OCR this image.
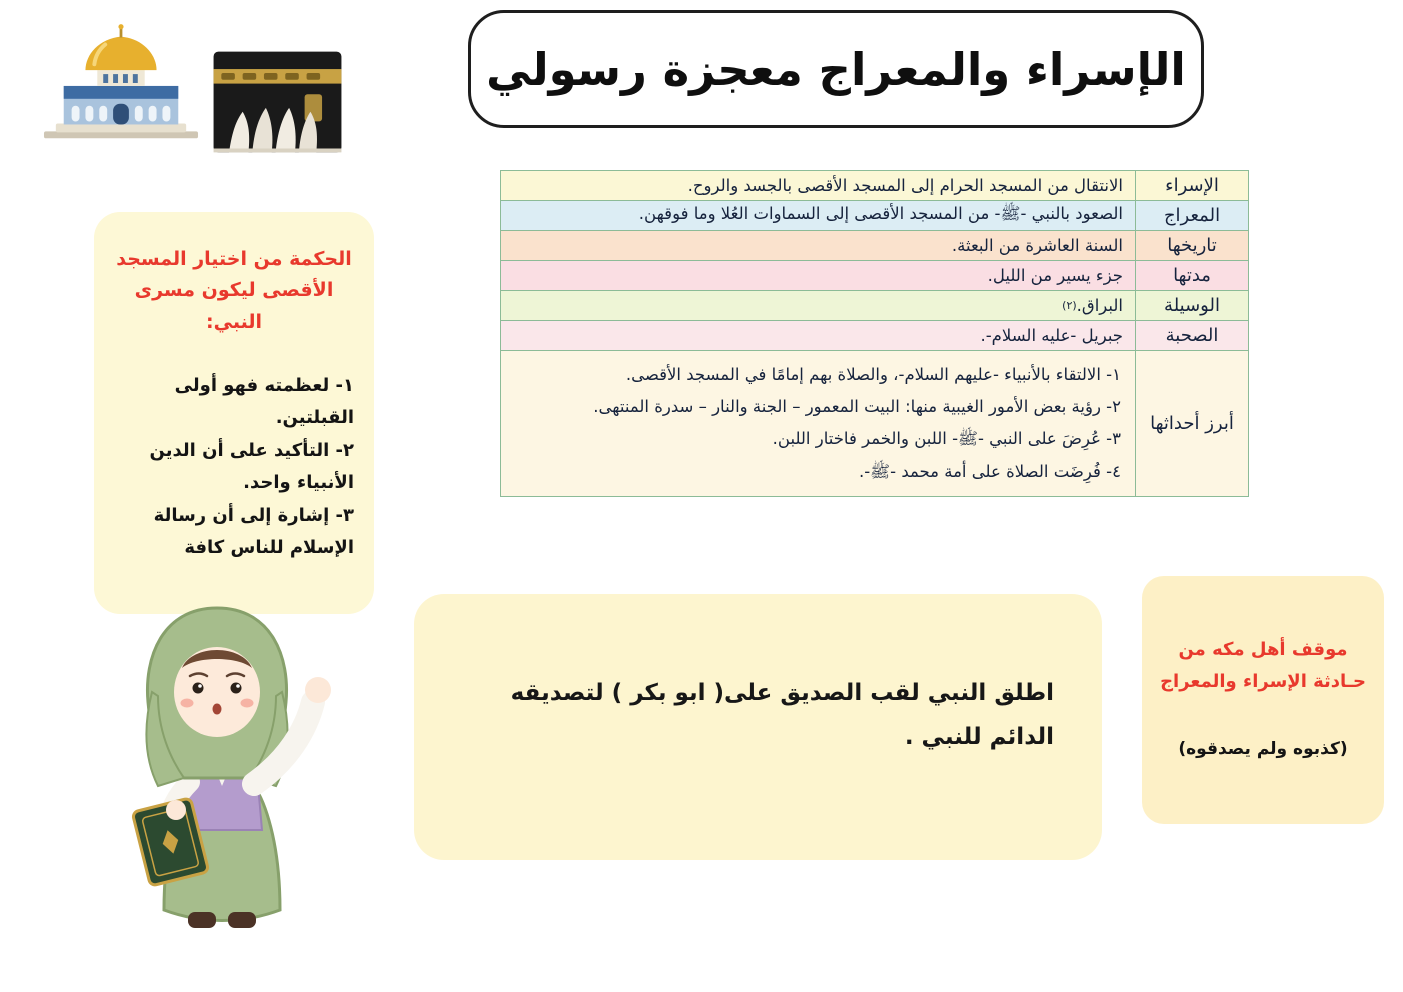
الإسراء والمعراج معجزة رسولي
الإسراء
الانتقال من المسجد الحرام إلى المسجد الأقصى بالجسد والروح.
المعراج
الصعود بالنبي -ﷺ- من المسجد الأقصى إلى السماوات العُلا وما فوقهن.
تاريخها
السنة العاشرة من البعثة.
مدتها
جزء يسير من الليل.
الوسيلة
البراق.
(٢)
الصحبة
جبريل -عليه السلام-.
أبرز أحداثها
١- الالتقاء بالأنبياء -عليهم السلام-، والصلاة بهم إمامًا في المسجد الأقصى.
٢- رؤية بعض الأمور الغيبية منها: البيت المعمور – الجنة والنار – سدرة المنتهى.
٣- عُرِضَ على النبي -ﷺ- اللبن والخمر فاختار اللبن.
٤- فُرِضَت الصلاة على أمة محمد -ﷺ-.
الحكمة من اختيار المسجد الأقصى ليكون مسرى النبي:
١- لعظمته فهو أولى القبلتين.
٢- التأكيد على أن الدين الأنبياء واحد.
٣- إشارة إلى أن رسالة الإسلام للناس كافة
اطلق النبي لقب الصديق على( ابو بكر ) لتصديقه الدائم للنبي .
موقف أهل مكه من حـادثة الإسراء والمعراج
(كذبوه ولم يصدقوه)
